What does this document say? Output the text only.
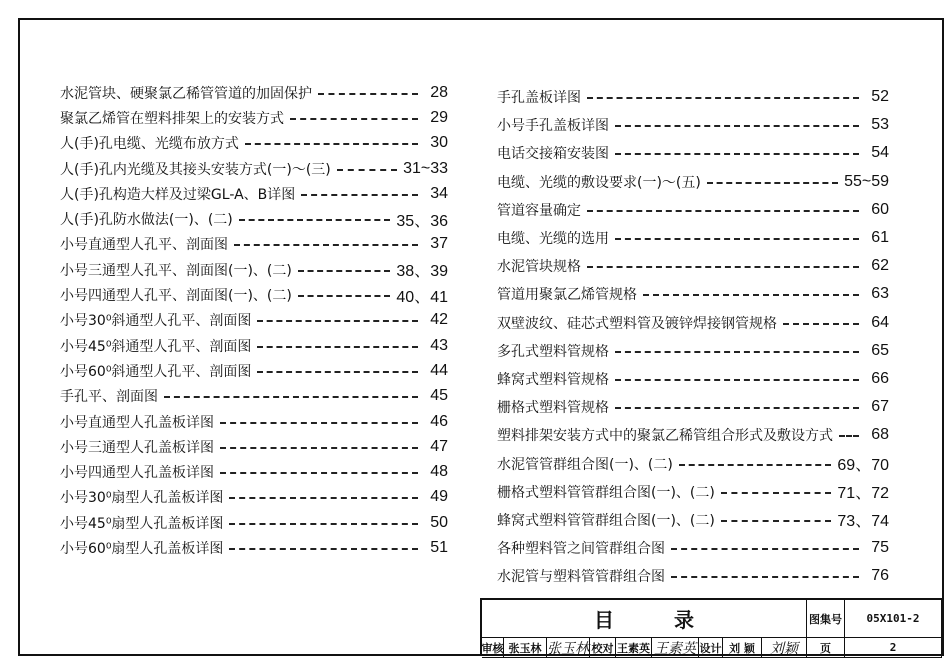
水泥管块、硬聚氯乙稀管管道的加固保护	28
聚氯乙烯管在塑料排架上的安装方式	29
人(手)孔电缆、光缆布放方式	30
人(手)孔内光缆及其接头安装方式(一)～(三)	31~33
人(手)孔构造大样及过梁GL-A、B详图	34
人(手)孔防水做法(一)、(二)	35、36
小号直通型人孔平、剖面图	37
小号三通型人孔平、剖面图(一)、(二)	38、39
小号四通型人孔平、剖面图(一)、(二)	40、41
小号30⁰斜通型人孔平、剖面图	42
小号45⁰斜通型人孔平、剖面图	43
小号60⁰斜通型人孔平、剖面图	44
手孔平、剖面图	45
小号直通型人孔盖板详图	46
小号三通型人孔盖板详图	47
小号四通型人孔盖板详图	48
小号30⁰扇型人孔盖板详图	49
小号45⁰扇型人孔盖板详图	50
小号60⁰扇型人孔盖板详图	51
手孔盖板详图	52
小号手孔盖板详图	53
电话交接箱安装图	54
电缆、光缆的敷设要求(一)～(五)	55~59
管道容量确定	60
电缆、光缆的选用	61
水泥管块规格	62
管道用聚氯乙烯管规格	63
双壁波纹、硅芯式塑料管及镀锌焊接钢管规格	64
多孔式塑料管规格	65
蜂窝式塑料管规格	66
栅格式塑料管规格	67
塑料排架安装方式中的聚氯乙稀管组合形式及敷设方式	68
水泥管管群组合图(一)、(二)	69、70
栅格式塑料管管群组合图(一)、(二)	71、72
蜂窝式塑料管管群组合图(一)、(二)	73、74
各种塑料管之间管群组合图	75
水泥管与塑料管管群组合图	76
目录	图集号	05X101-2
审核 张玉林 张玉林 校对 王素英 王素英 设计 刘 颖	刘颖	页	2
